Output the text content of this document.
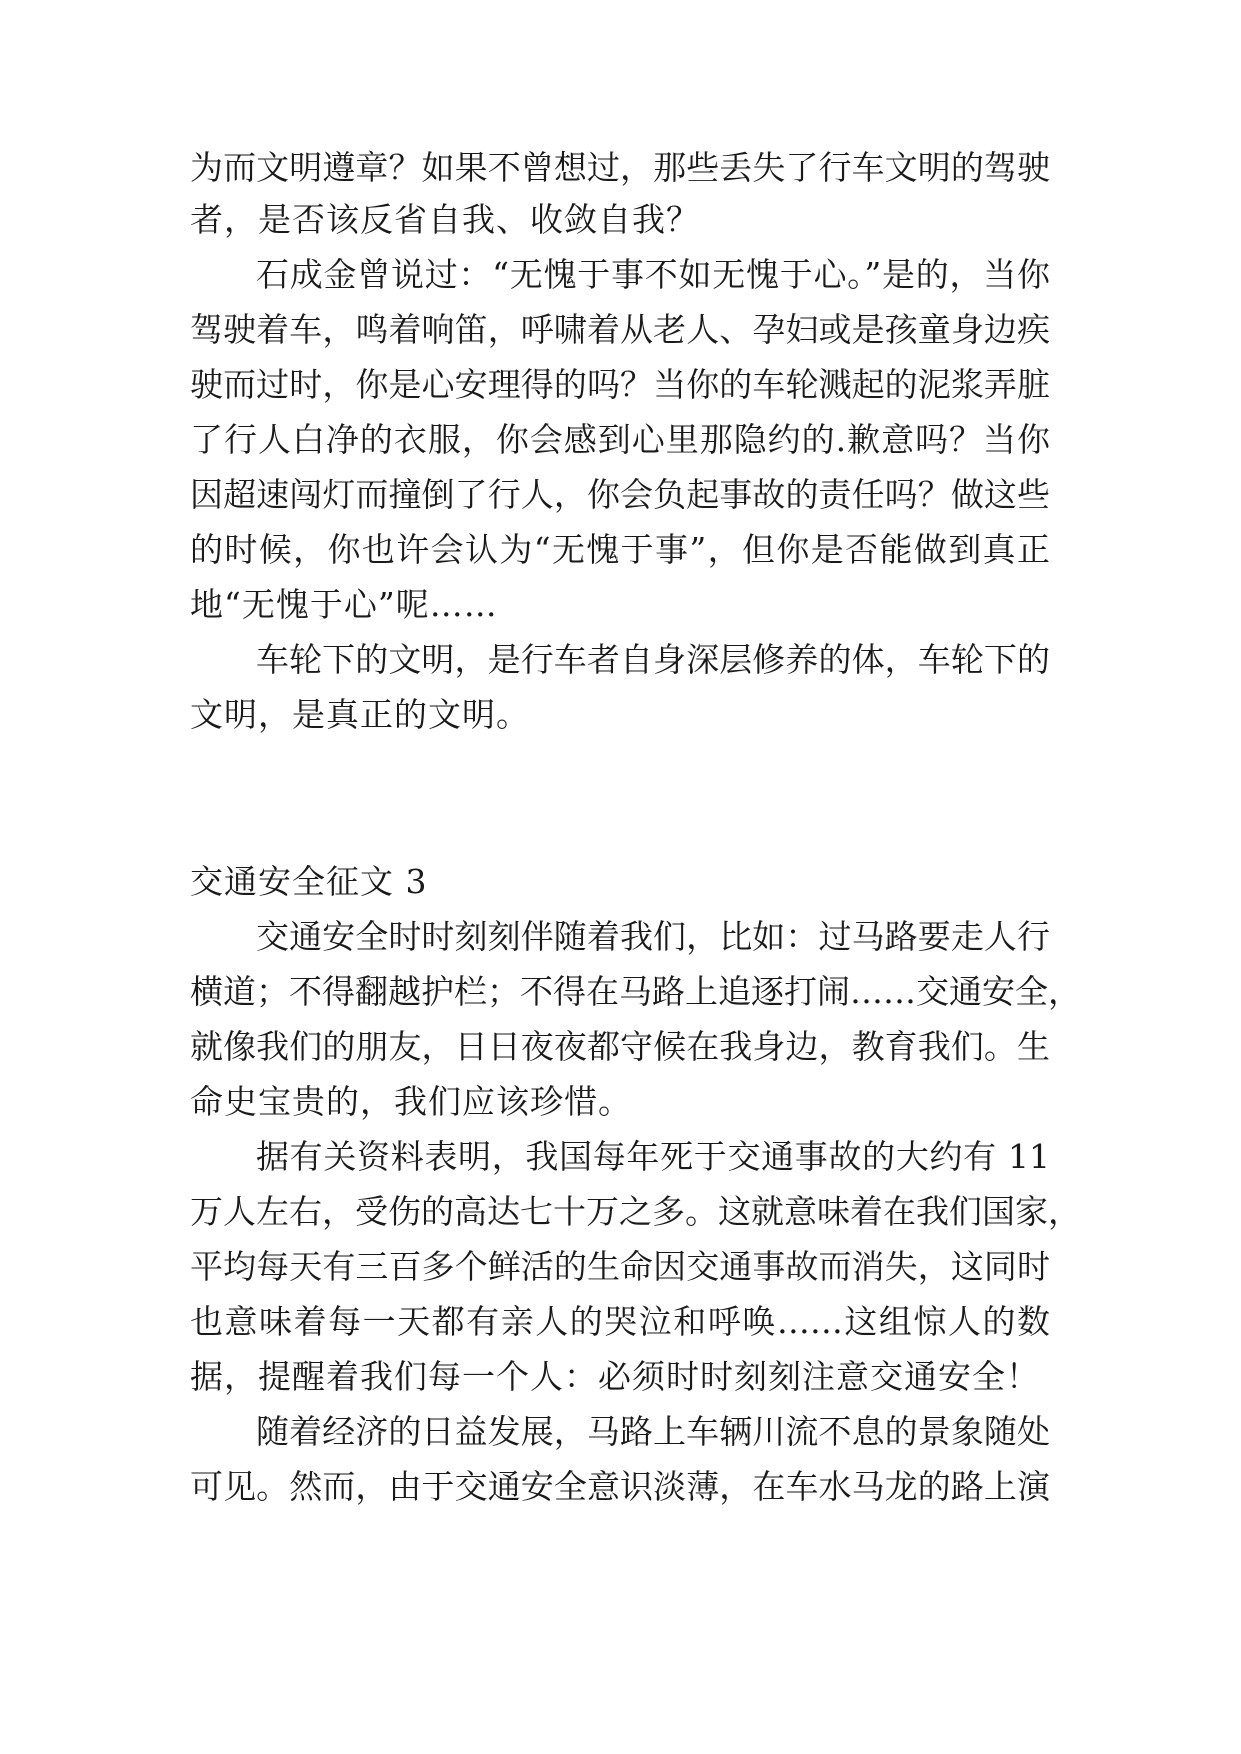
为而文明遵章？如果不曾想过，那些丢失了行车文明的驾驶
者，是否该反省自我、收敛自我？
石成金曾说过：“无愧于事不如无愧于心。”是的，当你
驾驶着车，鸣着响笛，呼啸着从老人、孕妇或是孩童身边疾
驶而过时，你是心安理得的吗？当你的车轮溅起的泥浆弄脏
了行人白净的衣服，你会感到心里那隐约的.歉意吗？当你
因超速闯灯而撞倒了行人，你会负起事故的责任吗？做这些
的时候，你也许会认为“无愧于事”，但你是否能做到真正
地“无愧于心”呢……
车轮下的文明，是行车者自身深层修养的体，车轮下的
文明，是真正的文明。
交通安全征文 3
交通安全时时刻刻伴随着我们，比如：过马路要走人行
横道；不得翻越护栏；不得在马路上追逐打闹……交通安全，
就像我们的朋友，日日夜夜都守候在我身边，教育我们。生
命史宝贵的，我们应该珍惜。
据有关资料表明，我国每年死于交通事故的大约有 11
万人左右，受伤的高达七十万之多。这就意味着在我们国家，
平均每天有三百多个鲜活的生命因交通事故而消失，这同时
也意味着每一天都有亲人的哭泣和呼唤……这组惊人的数
据，提醒着我们每一个人：必须时时刻刻注意交通安全！
随着经济的日益发展，马路上车辆川流不息的景象随处
可见。然而，由于交通安全意识淡薄，在车水马龙的路上演
